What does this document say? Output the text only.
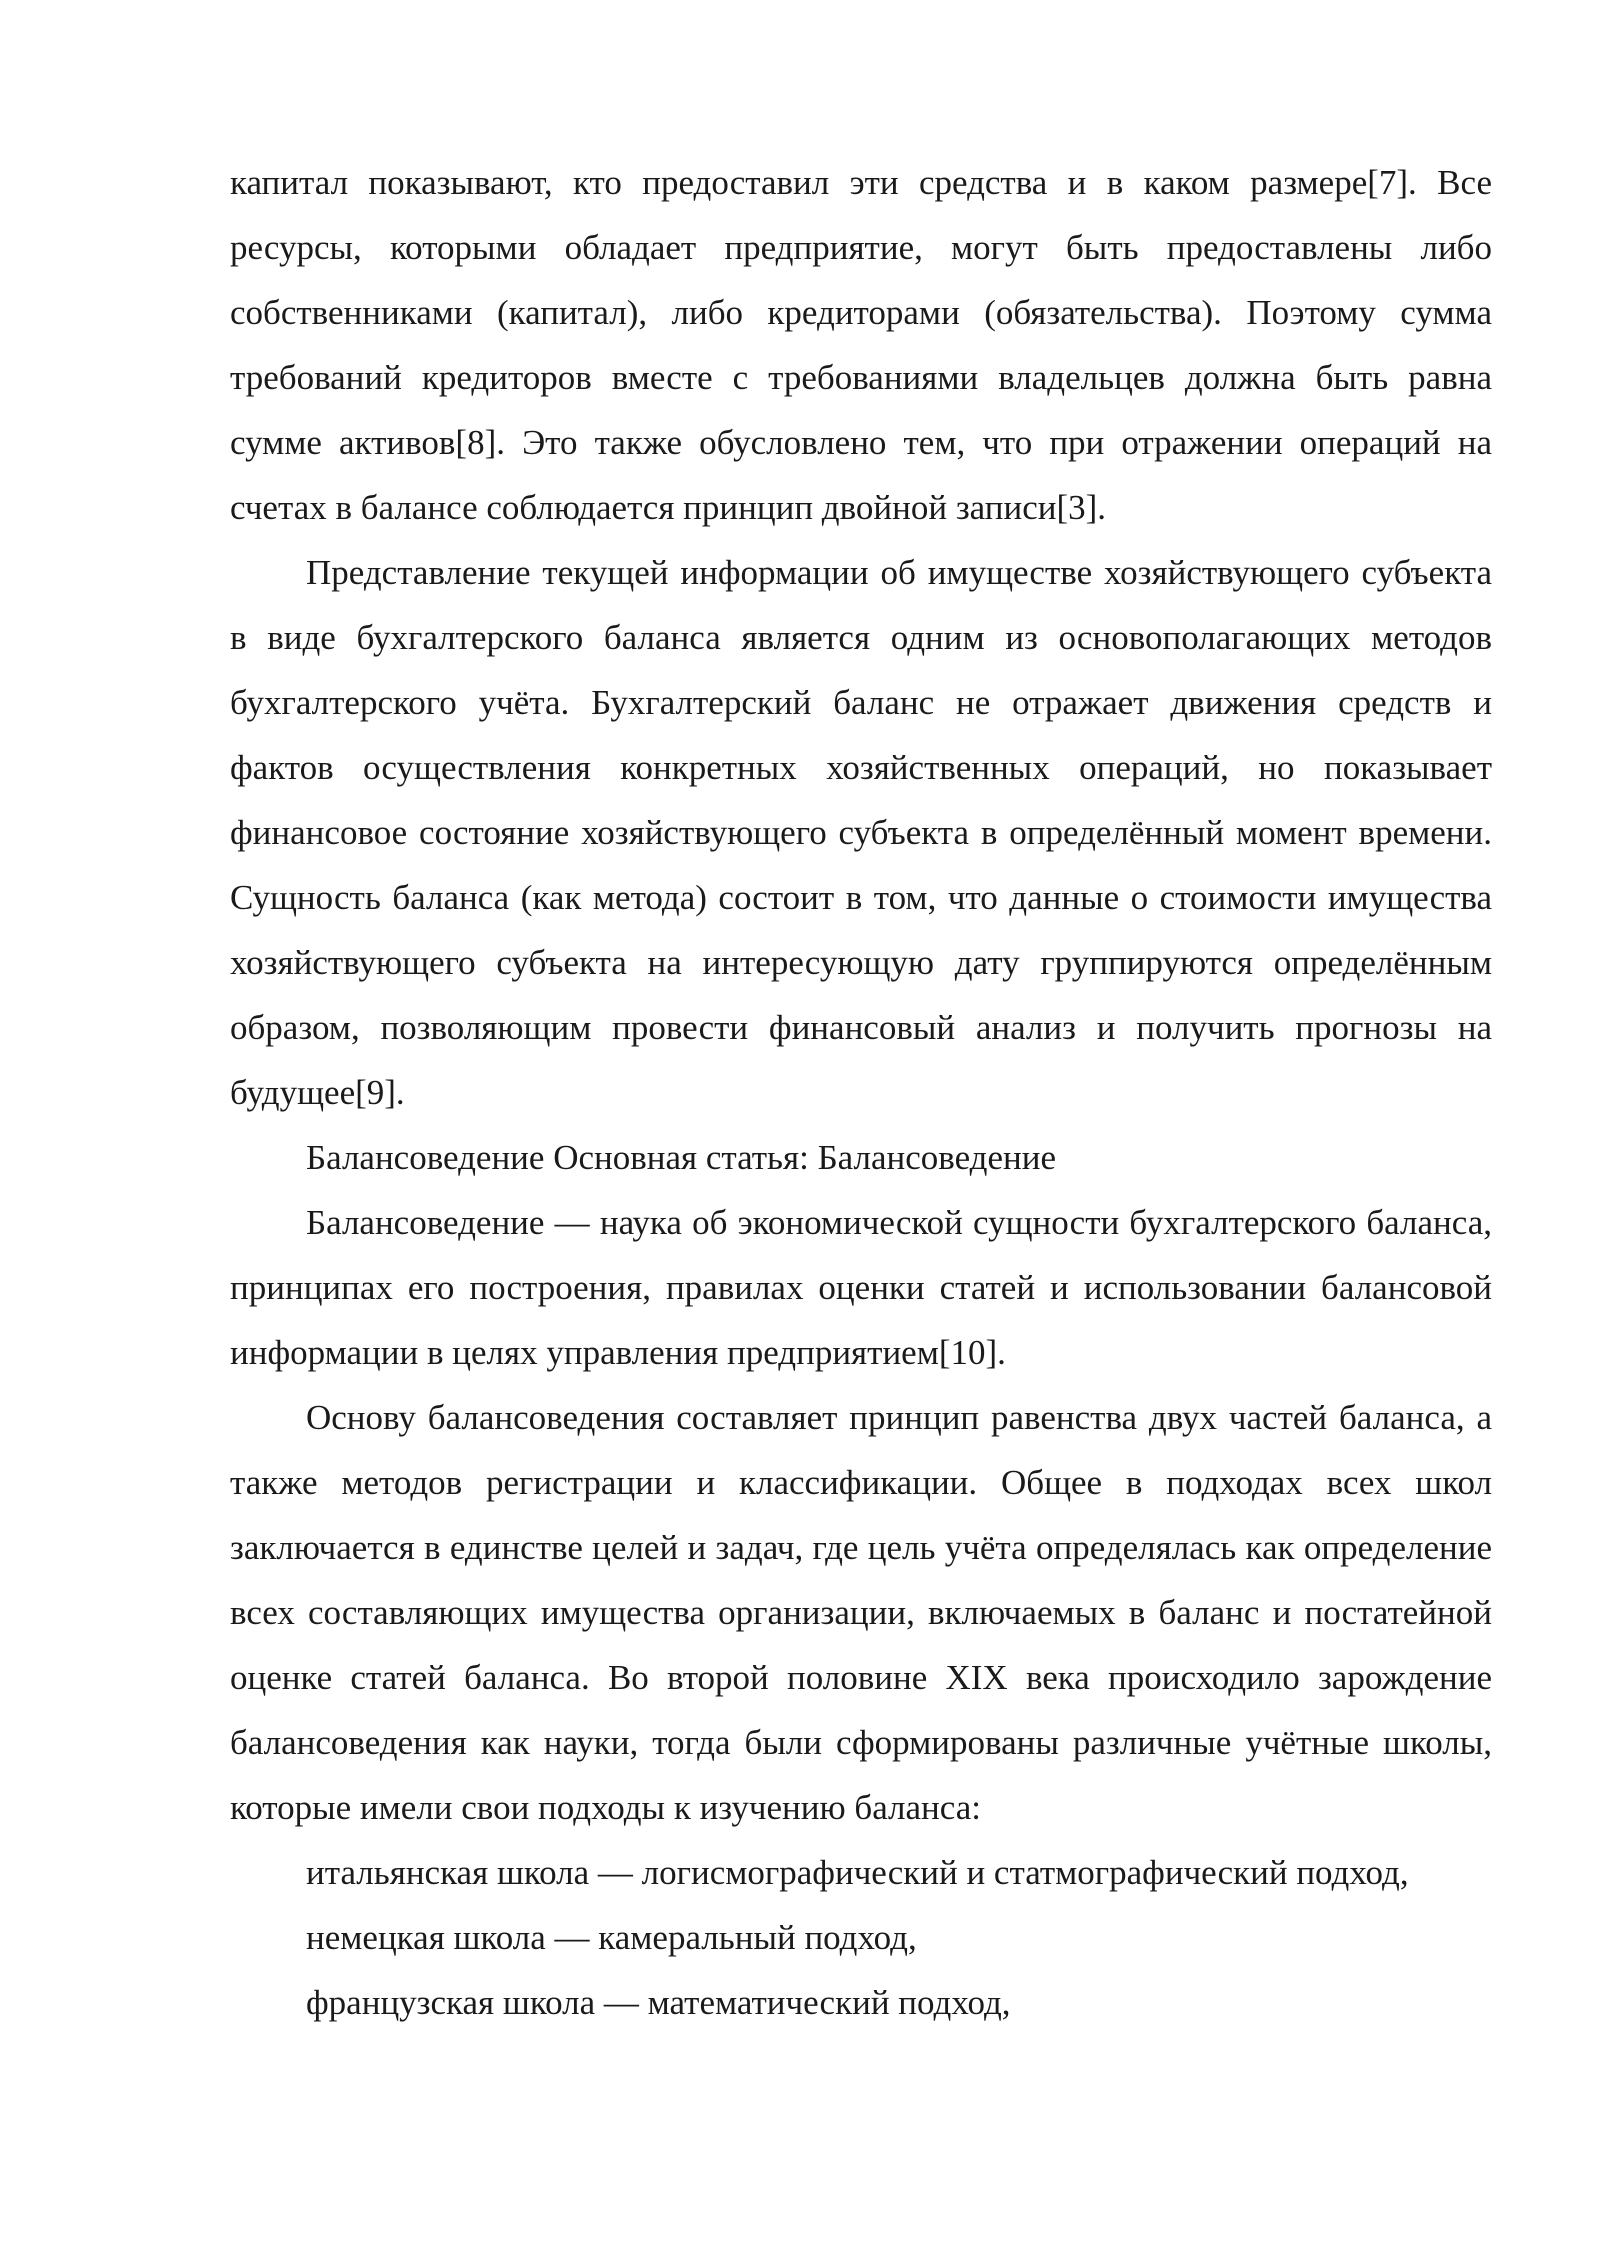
капитал показывают, кто предоставил эти средства и в каком размере[7]. Все ресурсы, которыми обладает предприятие, могут быть предоставлены либо собственниками (капитал), либо кредиторами (обязательства). Поэтому сумма требований кредиторов вместе с требованиями владельцев должна быть равна сумме активов[8]. Это также обусловлено тем, что при отражении операций на счетах в балансе соблюдается принцип двойной записи[3].

Представление текущей информации об имуществе хозяйствующего субъекта в виде бухгалтерского баланса является одним из основополагающих методов бухгалтерского учёта. Бухгалтерский баланс не отражает движения средств и фактов осуществления конкретных хозяйственных операций, но показывает финансовое состояние хозяйствующего субъекта в определённый момент времени. Сущность баланса (как метода) состоит в том, что данные о стоимости имущества хозяйствующего субъекта на интересующую дату группируются определённым образом, позволяющим провести финансовый анализ и получить прогнозы на будущее[9].

Балансоведение Основная статья: Балансоведение

Балансоведение — наука об экономической сущности бухгалтерского баланса, принципах его построения, правилах оценки статей и использовании балансовой информации в целях управления предприятием[10].

Основу балансоведения составляет принцип равенства двух частей баланса, а также методов регистрации и классификации. Общее в подходах всех школ заключается в единстве целей и задач, где цель учёта определялась как определение всех составляющих имущества организации, включаемых в баланс и постатейной оценке статей баланса. Во второй половине XIX века происходило зарождение балансоведения как науки, тогда были сформированы различные учётные школы, которые имели свои подходы к изучению баланса:

итальянская школа — логисмографический и статмографический подход,

немецкая школа — камеральный подход,

французская школа — математический подход,
